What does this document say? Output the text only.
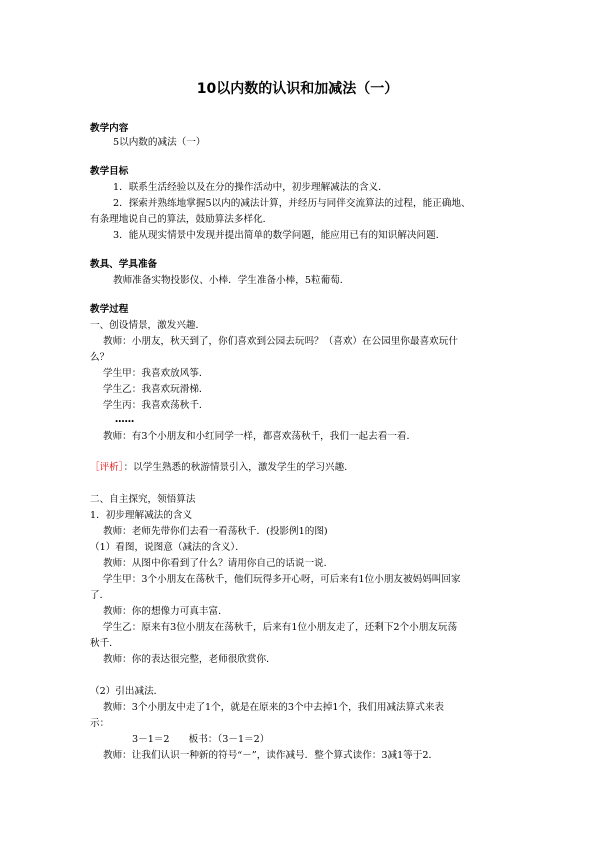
10以内数的认识和加减法（一）
教学内容
5以内数的减法（一）
教学目标
1．联系生活经验以及在分的操作活动中，初步理解减法的含义．
2．探索并熟练地掌握5以内的减法计算，并经历与同伴交流算法的过程，能正确地、
有条理地说自己的算法，鼓励算法多样化．
3．能从现实情景中发现并提出简单的数学问题，能应用已有的知识解决问题．
教具、学具准备
教师准备实物投影仪、小棒．学生准备小棒，5粒葡萄．
教学过程
一、创设情景，激发兴趣．
教师：小朋友，秋天到了，你们喜欢到公园去玩吗？（喜欢）在公园里你最喜欢玩什
么？
学生甲：我喜欢放风筝．
学生乙：我喜欢玩滑梯．
学生丙：我喜欢荡秋千．
……
教师：有3个小朋友和小红同学一样，都喜欢荡秋千，我们一起去看一看．
［评析］：以学生熟悉的秋游情景引入，激发学生的学习兴趣．
二、自主探究，领悟算法
1．初步理解减法的含义
教师：老师先带你们去看一看荡秋千．(投影例1的图)
（1）看图，说图意（减法的含义）．
教师：从图中你看到了什么？请用你自己的话说一说．
学生甲：3个小朋友在荡秋千，他们玩得多开心呀，可后来有1位小朋友被妈妈叫回家
了．
教师：你的想像力可真丰富．
学生乙：原来有3位小朋友在荡秋千，后来有1位小朋友走了，还剩下2个小朋友玩荡
秋千．
教师：你的表达很完整，老师很欣赏你．
（2）引出减法．
教师：3个小朋友中走了1个，就是在原来的3个中去掉1个，我们用减法算式来表
示：
3－1＝2　　板书：（3－1＝2）
教师：让我们认识一种新的符号“－”，读作减号．整个算式读作：3减1等于2．
